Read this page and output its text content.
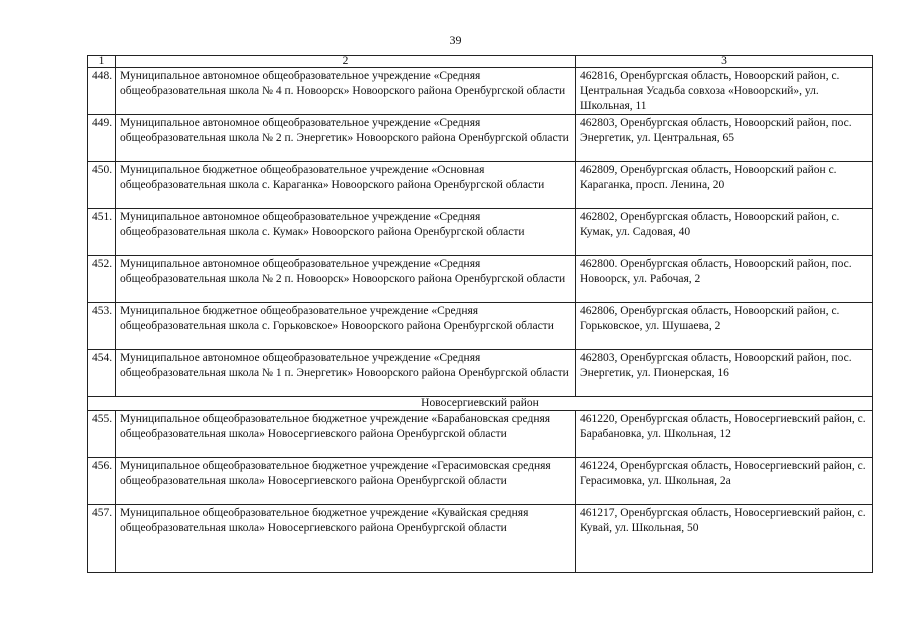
39
1	2	3
448.	Муниципальное автономное общеобразовательное учреждение «Средняя общеобразовательная школа № 4 п. Новоорск» Новоорского района Оренбургской области	462816, Оренбургская область, Новоорский район, с. Центральная Усадьба совхоза «Новоорский», ул. Школьная, 11
449.	Муниципальное автономное общеобразовательное учреждение «Средняя общеобразовательная школа № 2 п. Энергетик» Новоорского района Оренбургской области	462803, Оренбургская область, Новоорский район, пос. Энергетик, ул. Центральная, 65
450.	Муниципальное бюджетное общеобразовательное учреждение «Основная общеобразовательная школа с. Караганка» Новоорского района Оренбургской области	462809, Оренбургская область, Новоорский район с. Караганка, просп. Ленина, 20
451.	Муниципальное автономное общеобразовательное учреждение «Средняя общеобразовательная школа с. Кумак» Новоорского района Оренбургской области	462802, Оренбургская область, Новоорский район, с. Кумак, ул. Садовая, 40
452.	Муниципальное автономное общеобразовательное учреждение «Средняя общеобразовательная школа № 2 п. Новоорск» Новоорского района Оренбургской области	462800. Оренбургская область, Новоорский район, пос. Новоорск, ул. Рабочая, 2
453.	Муниципальное бюджетное общеобразовательное учреждение «Средняя общеобразовательная школа с. Горьковское» Новоорского района Оренбургской области	462806, Оренбургская область, Новоорский район, с. Горьковское, ул. Шушаева, 2
454.	Муниципальное автономное общеобразовательное учреждение «Средняя общеобразовательная школа № 1 п. Энергетик» Новоорского района Оренбургской области	462803, Оренбургская область, Новоорский район, пос. Энергетик, ул. Пионерская, 16
Новосергиевский район		
455.	Муниципальное общеобразовательное бюджетное учреждение «Барабановская средняя общеобразовательная школа» Новосергиевского района Оренбургской области	461220, Оренбургская область, Новосергиевский район, с. Барабановка, ул. Школьная, 12
456.	Муниципальное общеобразовательное бюджетное учреждение «Герасимовская средняя общеобразовательная школа» Новосергиевского района Оренбургской области	461224, Оренбургская область, Новосергиевский район, с. Герасимовка, ул. Школьная, 2а
457.	Муниципальное общеобразовательное бюджетное учреждение «Кувайская средняя общеобразовательная школа» Новосергиевского района Оренбургской области	461217, Оренбургская область, Новосергиевский район, с. Кувай, ул. Школьная, 50
